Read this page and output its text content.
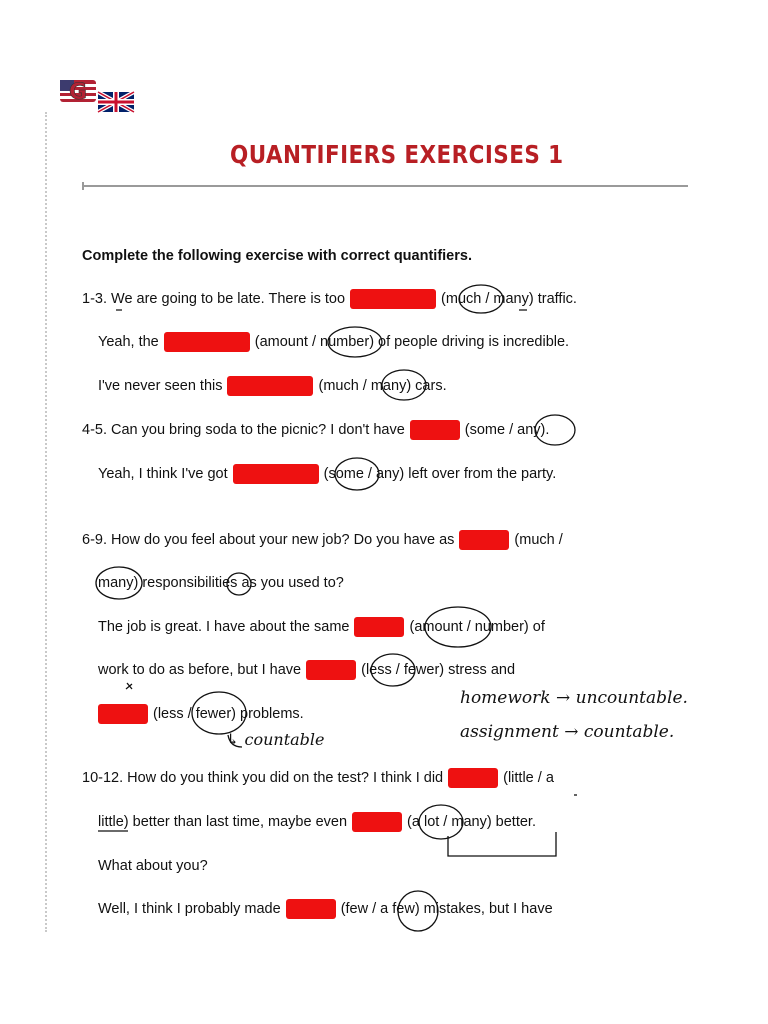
G
QUANTIFIERS EXERCISES 1
Complete the following exercise with correct quantifiers.
1-3. We are going to be late. There is too	(much / many) traffic.
Yeah, the	(amount / number) of people driving is incredible.
I've never seen this	(much / many) cars.
4-5. Can you bring soda to the picnic? I don't have	(some / any).
Yeah, I think I've got	(some / any) left over from the party.
6-9. How do you feel about your new job? Do you have as	(much /
many) responsibilities as you used to?
The job is great. I have about the same	(amount / number) of
work to do as before, but I have	(less / fewer) stress and
(less / fewer) problems.
10-12. How do you think you did on the test? I think I did	(little / a
little) better than last time, maybe even	(a lot / many) better.
What about you?
Well, I think I probably made	(few / a few) mistakes, but I have
homework → uncountable.
assignment → countable.
↳ countable
